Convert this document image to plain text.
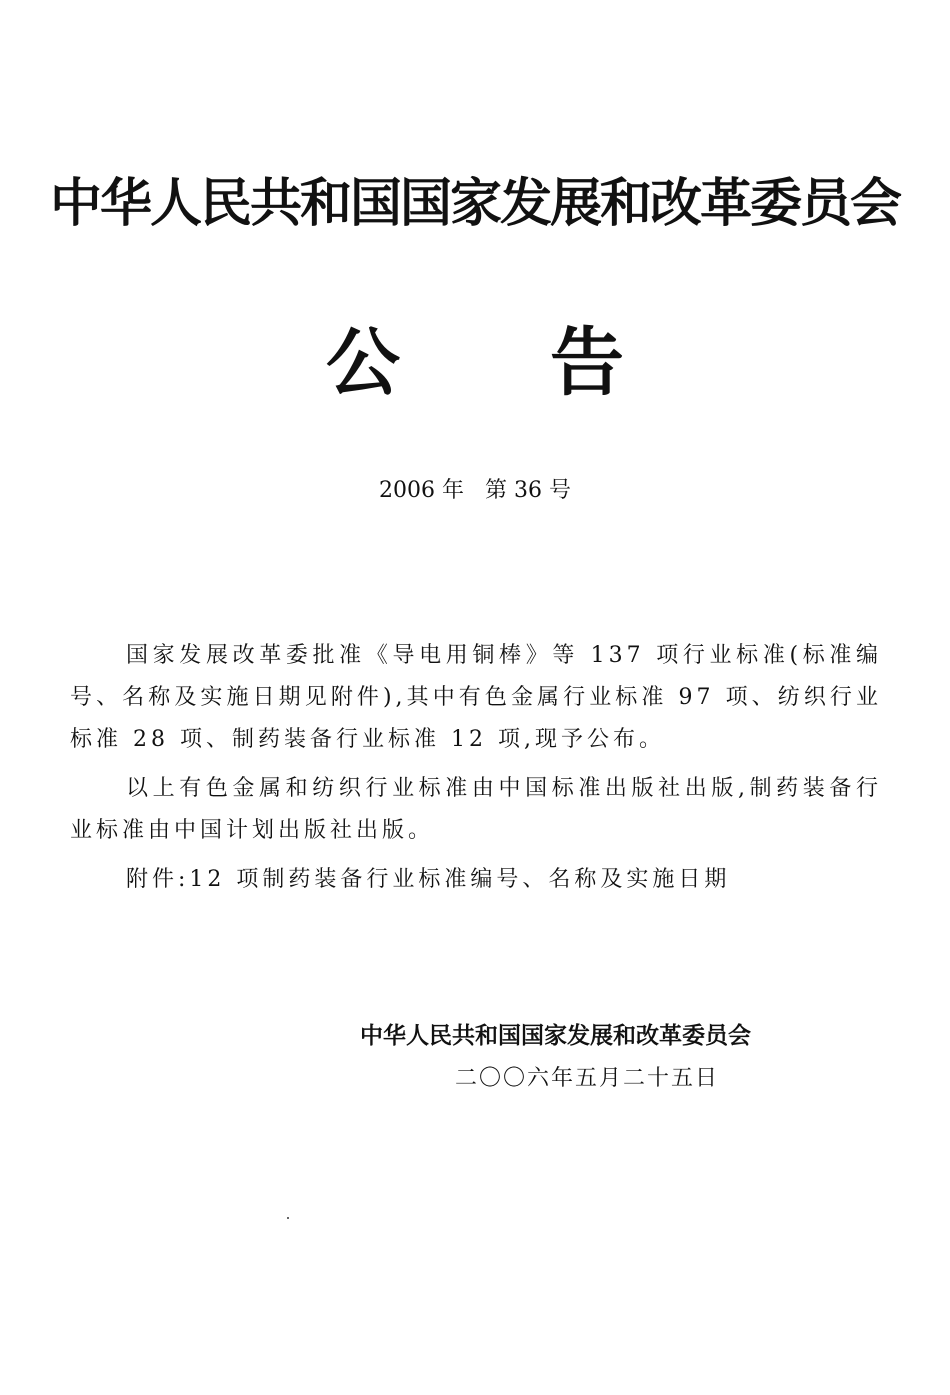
中华人民共和国国家发展和改革委员会
公告
2006 年   第 36 号

国家发展改革委批准《导电用铜棒》等 137 项行业标准(标准编号、名称及实施日期见附件),其中有色金属行业标准 97 项、纺织行业标准 28 项、制药装备行业标准 12 项,现予公布。

以上有色金属和纺织行业标准由中国标准出版社出版,制药装备行业标准由中国计划出版社出版。

附件:12 项制药装备行业标准编号、名称及实施日期

中华人民共和国国家发展和改革委员会
二〇〇六年五月二十五日
